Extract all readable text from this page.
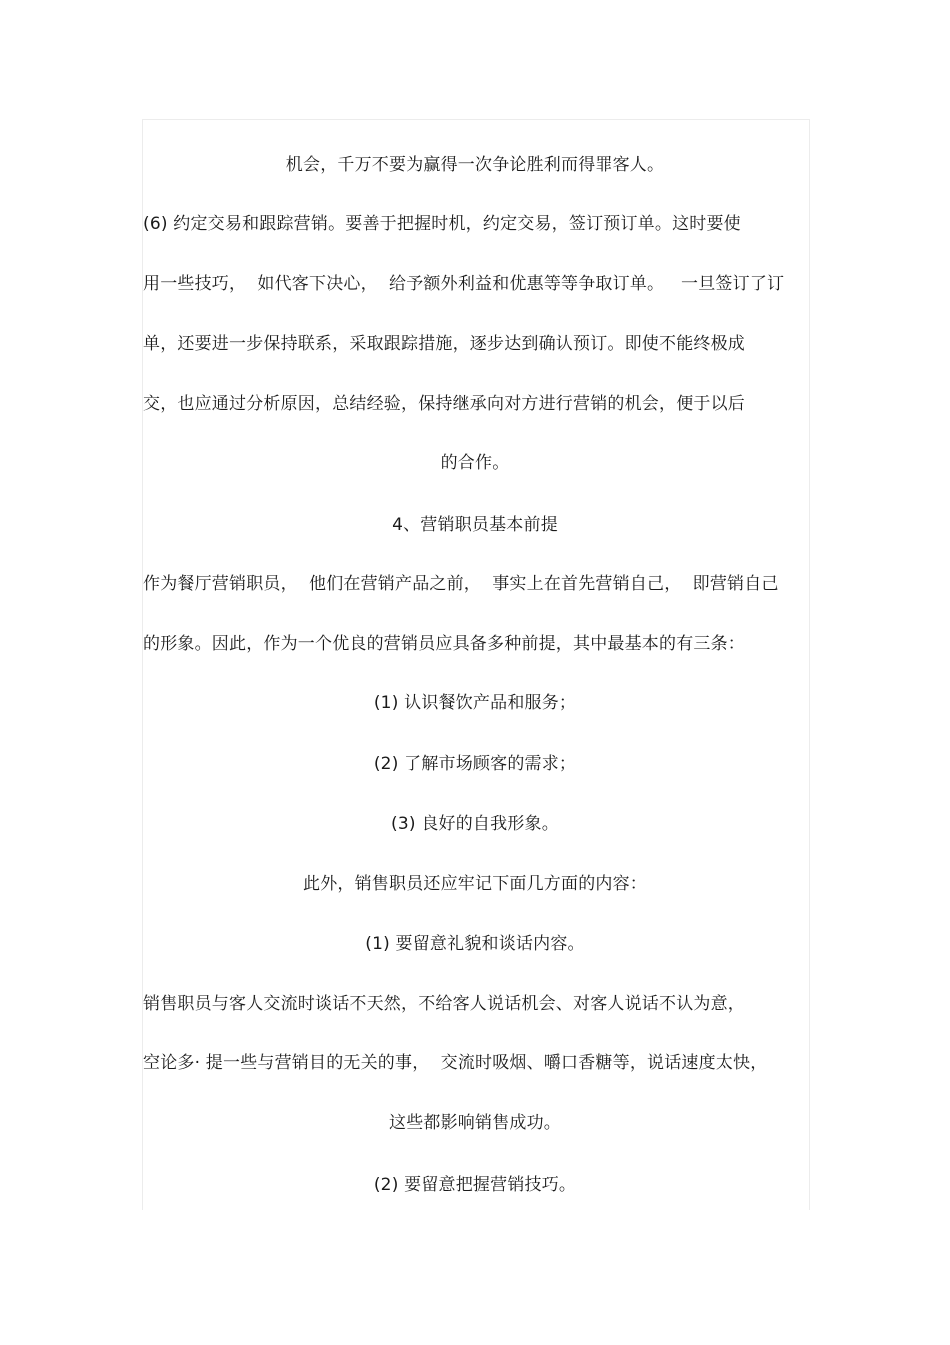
机会，千万不要为赢得一次争论胜利而得罪客人。
(6) 约定交易和跟踪营销。要善于把握时机，约定交易，签订预订单。这时要使
用一些技巧，  如代客下决心，  给予额外利益和优惠等等争取订单。   一旦签订了订
单，还要进一步保持联系，采取跟踪措施，逐步达到确认预订。即使不能终极成
交，也应通过分析原因，总结经验，保持继承向对方进行营销的机会，便于以后
的合作。
4、营销职员基本前提
作为餐厅营销职员，  他们在营销产品之前，  事实上在首先营销自己，  即营销自己
的形象。因此，作为一个优良的营销员应具备多种前提，其中最基本的有三条：
(1) 认识餐饮产品和服务；
(2) 了解市场顾客的需求；
(3) 良好的自我形象。
此外，销售职员还应牢记下面几方面的内容：
(1) 要留意礼貌和谈话内容。
销售职员与客人交流时谈话不天然，不给客人说话机会、对客人说话不认为意，
空论多· 提一些与营销目的无关的事，  交流时吸烟、嚼口香糖等，说话速度太快，
这些都影响销售成功。
(2) 要留意把握营销技巧。
